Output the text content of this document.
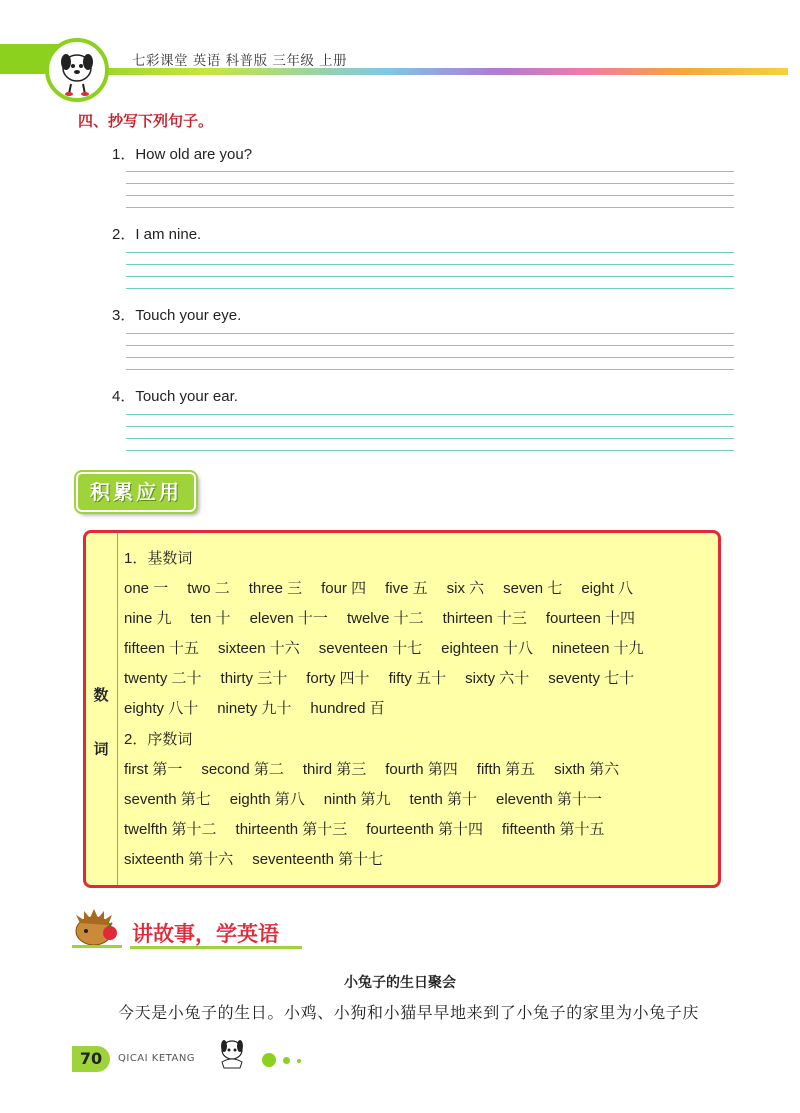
七彩课堂 英语 科普版 三年级 上册
四、抄写下列句子。
1．How old are you?
2．I am nine.
3．Touch your eye.
4．Touch your ear.
积累应用
数
词
1．基数词
one 一 two 二 three 三 four 四 five 五 six 六 seven 七 eight 八
nine 九 ten 十 eleven 十一 twelve 十二 thirteen 十三 fourteen 十四
fifteen 十五 sixteen 十六 seventeen 十七 eighteen 十八 nineteen 十九
twenty 二十 thirty 三十 forty 四十 fifty 五十 sixty 六十 seventy 七十
eighty 八十 ninety 九十 hundred 百
2．序数词
first 第一 second 第二 third 第三 fourth 第四 fifth 第五 sixth 第六
seventh 第七 eighth 第八 ninth 第九 tenth 第十 eleventh 第十一
twelfth 第十二 thirteenth 第十三 fourteenth 第十四 fifteenth 第十五
sixteenth 第十六 seventeenth 第十七
讲故事，学英语
小兔子的生日聚会
今天是小兔子的生日。小鸡、小狗和小猫早早地来到了小兔子的家里为小兔子庆
70	QICAI KETANG
